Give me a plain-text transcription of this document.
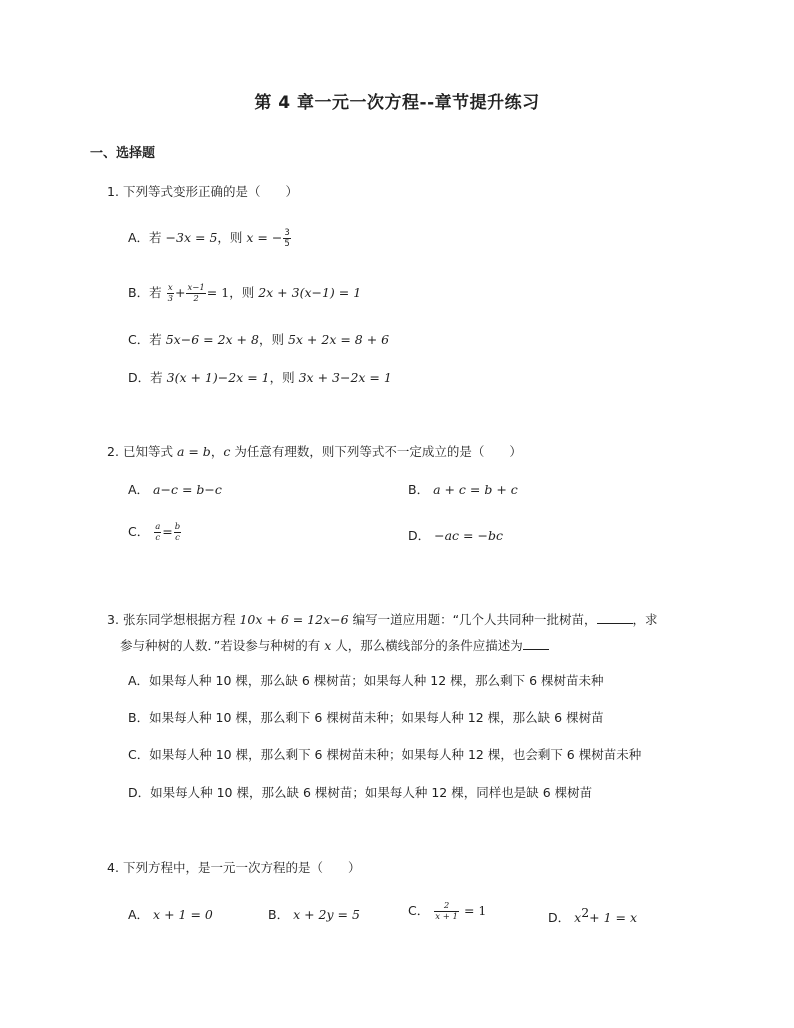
第 4 章一元一次方程--章节提升练习
一、选择题
1. 下列等式变形正确的是（　　）
A．若 −3x = 5，则 x = − $\frac{3}{5}$
B．若 $\frac{x}{3} + \frac{x-1}{2} = 1$，则 2x + 3(x−1) = 1
C．若 5x−6 = 2x + 8，则 5x + 2x = 8 + 6
D．若 3(x + 1)−2x = 1，则 3x + 3−2x = 1
2. 已知等式 a = b，c 为任意有理数，则下列等式不一定成立的是（　　）
A． a−c = b−c	B． a + c = b + c
C． $\frac{a}{c} = \frac{b}{c}$	D． −ac = −bc
3. 张东同学想根据方程 10x + 6 = 12x−6 编写一道应用题：“几个人共同种一批树苗，	，求
参与种树的人数．”若设参与种树的有 x 人，那么横线部分的条件应描述为
A．如果每人种 10 棵，那么缺 6 棵树苗；如果每人种 12 棵，那么剩下 6 棵树苗未种
B．如果每人种 10 棵，那么剩下 6 棵树苗未种；如果每人种 12 棵，那么缺 6 棵树苗
C．如果每人种 10 棵，那么剩下 6 棵树苗未种；如果每人种 12 棵，也会剩下 6 棵树苗未种
D．如果每人种 10 棵，那么缺 6 棵树苗；如果每人种 12 棵，同样也是缺 6 棵树苗
4. 下列方程中，是一元一次方程的是（　　）
A． x + 1 = 0	B． x + 2y = 5	C． $\frac{2}{x + 1} = 1$	D． $x^2+ 1 = x$
